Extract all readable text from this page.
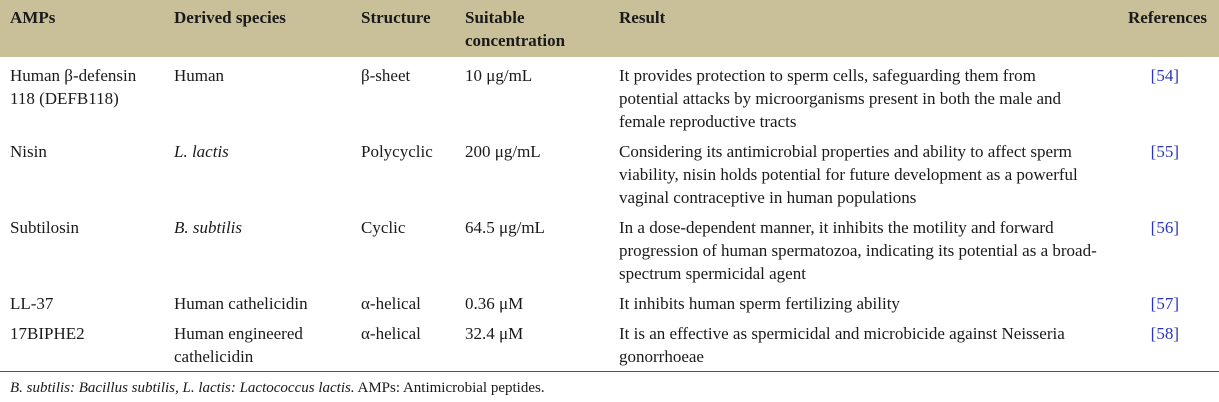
AMPs	Derived species	Structure	Suitable concentration	Result	References
Human β-defensin 118 (DEFB118)	Human	β-sheet	10 μg/mL	It provides protection to sperm cells, safeguarding them from potential attacks by microorganisms present in both the male and female reproductive tracts	[54]
Nisin	L. lactis	Polycyclic	200 μg/mL	Considering its antimicrobial properties and ability to affect sperm viability, nisin holds potential for future development as a powerful vaginal contraceptive in human populations	[55]
Subtilosin	B. subtilis	Cyclic	64.5 μg/mL	In a dose-dependent manner, it inhibits the motility and forward progression of human spermatozoa, indicating its potential as a broad-spectrum spermicidal agent	[56]
LL-37	Human cathelicidin	α-helical	0.36 μM	It inhibits human sperm fertilizing ability	[57]
17BIPHE2	Human engineered cathelicidin	α-helical	32.4 μM	It is an effective as spermicidal and microbicide against Neisseria gonorrhoeae	[58]
B. subtilis: Bacillus subtilis, L. lactis: Lactococcus lactis. AMPs: Antimicrobial peptides.
